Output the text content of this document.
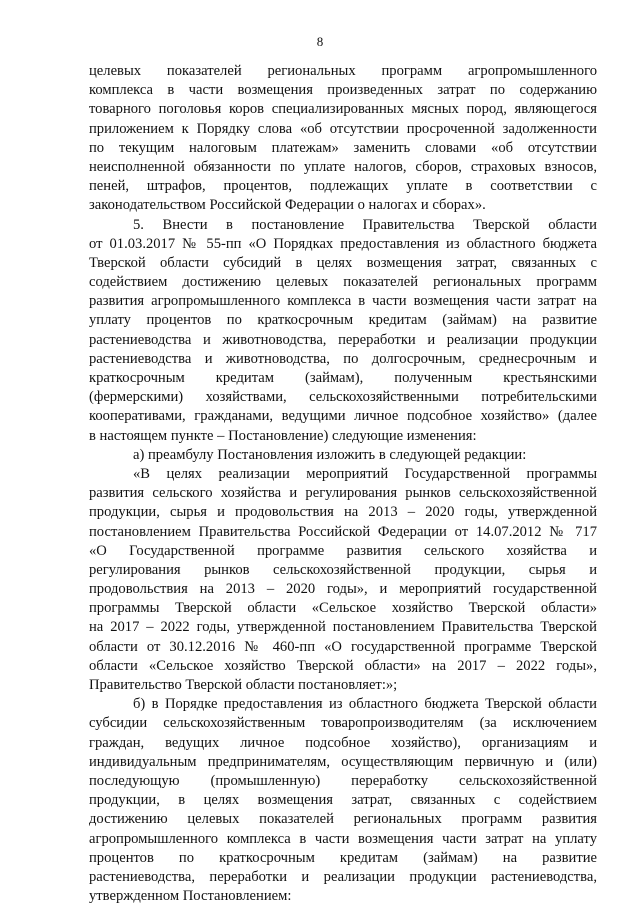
8
целевых показателей региональных программ агропромышленного
комплекса в части возмещения произведенных затрат по содержанию
товарного поголовья коров специализированных мясных пород, являющегося
приложением к Порядку слова «об отсутствии просроченной задолженности
по текущим налоговым платежам» заменить словами «об отсутствии
неисполненной обязанности по уплате налогов, сборов, страховых взносов,
пеней, штрафов, процентов, подлежащих уплате в соответствии с
законодательством Российской Федерации о налогах и сборах».
5. Внести в постановление Правительства Тверской области
от 01.03.2017 № 55-пп «О Порядках предоставления из областного бюджета
Тверской области субсидий в целях возмещения затрат, связанных с
содействием достижению целевых показателей региональных программ
развития агропромышленного комплекса в части возмещения части затрат на
уплату процентов по краткосрочным кредитам (займам) на развитие
растениеводства и животноводства, переработки и реализации продукции
растениеводства и животноводства, по долгосрочным, среднесрочным и
краткосрочным кредитам (займам), полученным крестьянскими
(фермерскими) хозяйствами, сельскохозяйственными потребительскими
кооперативами, гражданами, ведущими личное подсобное хозяйство» (далее
в настоящем пункте – Постановление) следующие изменения:
а) преамбулу Постановления изложить в следующей редакции:
«В целях реализации мероприятий Государственной программы
развития сельского хозяйства и регулирования рынков сельскохозяйственной
продукции, сырья и продовольствия на 2013 – 2020 годы, утвержденной
постановлением Правительства Российской Федерации от 14.07.2012 № 717
«О Государственной программе развития сельского хозяйства и
регулирования рынков сельскохозяйственной продукции, сырья и
продовольствия на 2013 – 2020 годы», и мероприятий государственной
программы Тверской области «Сельское хозяйство Тверской области»
на 2017 – 2022 годы, утвержденной постановлением Правительства Тверской
области от 30.12.2016 № 460-пп «О государственной программе Тверской
области «Сельское хозяйство Тверской области» на 2017 – 2022 годы»,
Правительство Тверской области постановляет:»;
б) в Порядке предоставления из областного бюджета Тверской области
субсидии сельскохозяйственным товаропроизводителям (за исключением
граждан, ведущих личное подсобное хозяйство), организациям и
индивидуальным предпринимателям, осуществляющим первичную и (или)
последующую (промышленную) переработку сельскохозяйственной
продукции, в целях возмещения затрат, связанных с содействием
достижению целевых показателей региональных программ развития
агропромышленного комплекса в части возмещения части затрат на уплату
процентов по краткосрочным кредитам (займам) на развитие
растениеводства, переработки и реализации продукции растениеводства,
утвержденном Постановлением:
